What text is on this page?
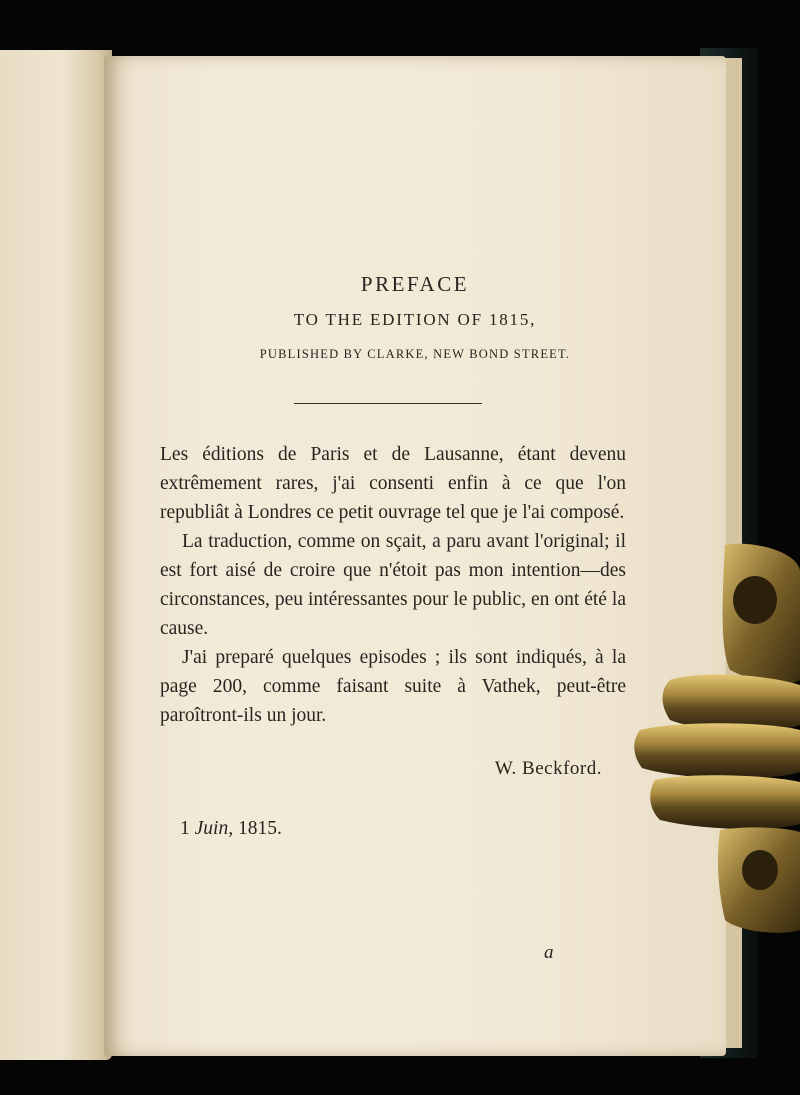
PREFACE
TO THE EDITION OF 1815,
PUBLISHED BY CLARKE, NEW BOND STREET.

Les éditions de Paris et de Lausanne, étant devenu extrêmement rares, j'ai consenti enfin à ce que l'on republiât à Londres ce petit ouvrage tel que je l'ai composé.

La traduction, comme on sçait, a paru avant l'original; il est fort aisé de croire que n'étoit pas mon intention—des circonstances, peu intéressantes pour le public, en ont été la cause.

J'ai preparé quelques episodes ; ils sont indiqués, à la page 200, comme faisant suite à Vathek, peut-être paroîtront-ils un jour.

W. Beckford.
1 Juin, 1815.
a
